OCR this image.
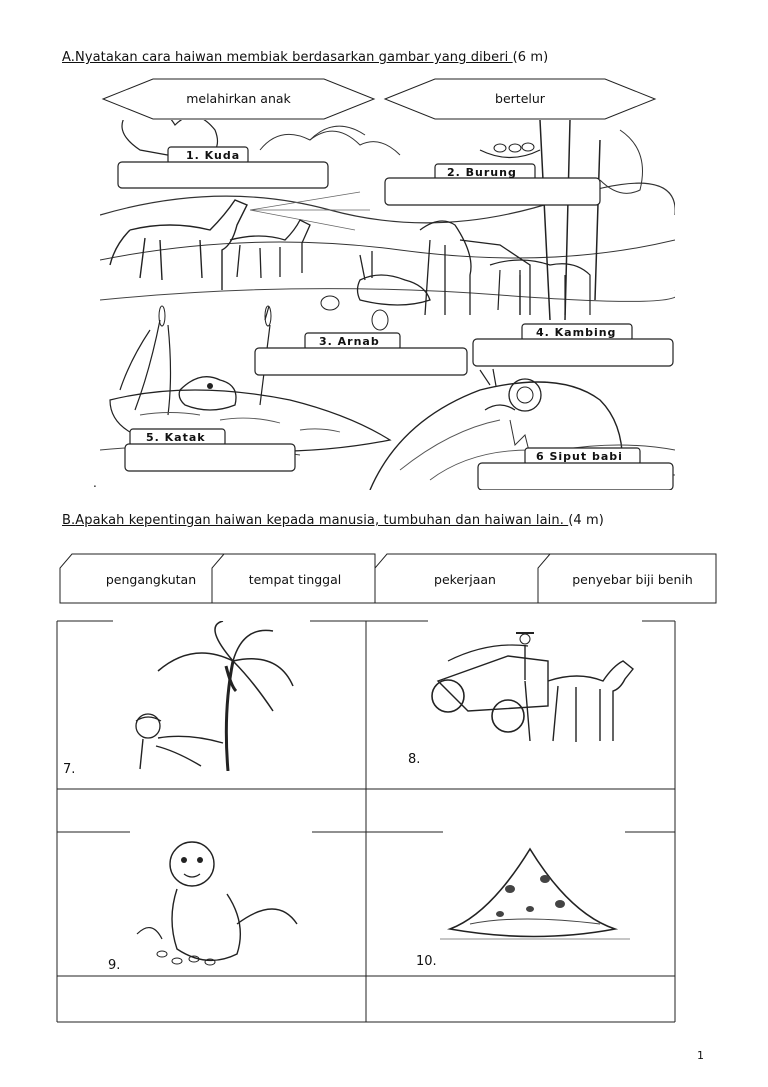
A.Nyatakan cara haiwan membiak berdasarkan gambar yang diberi (6 m)
melahirkan anak	bertelur
1. Kuda
2. Burung
3. Arnab
4. Kambing
5. Katak
6 Siput babi
.
B.Apakah kepentingan haiwan kepada manusia, tumbuhan dan haiwan lain. (4 m)
pengangkutan	tempat tinggal	pekerjaan	penyebar biji benih
7.
8.
9.	10.
1
